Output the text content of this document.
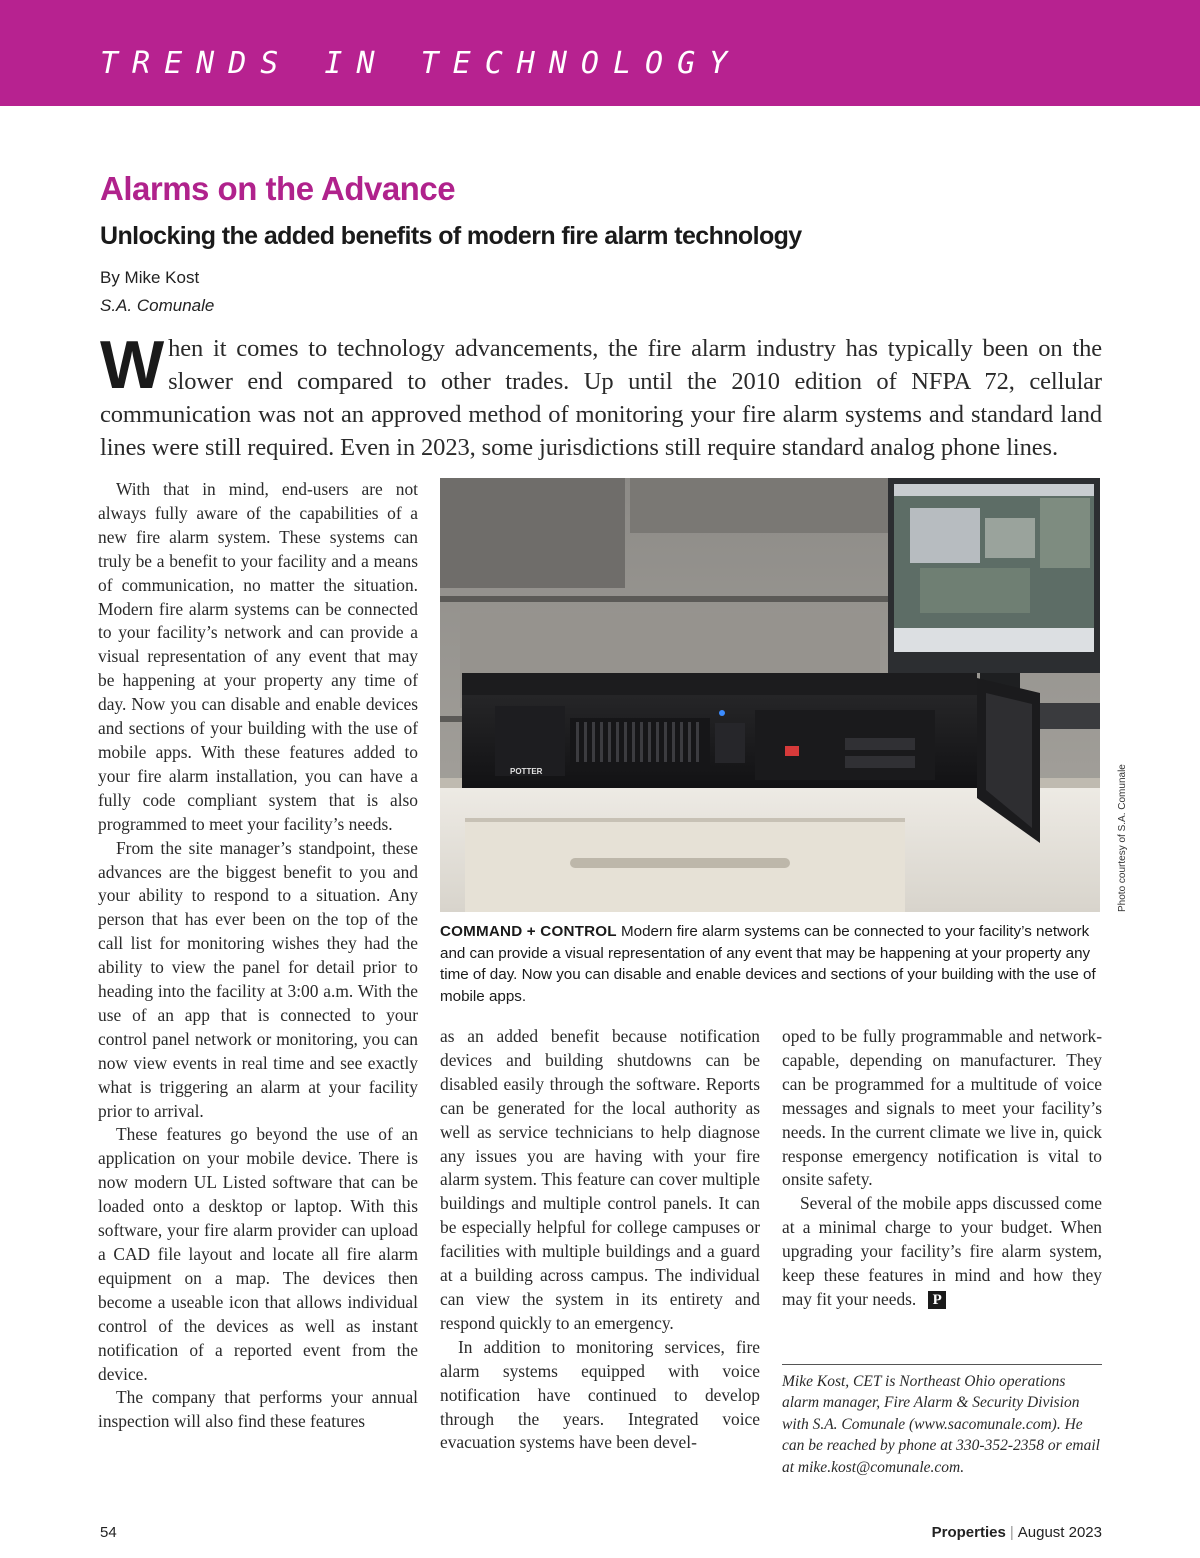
TRENDS IN TECHNOLOGY
Alarms on the Advance
Unlocking the added benefits of modern fire alarm technology
By Mike Kost
S.A. Comunale
When it comes to technology advancements, the fire alarm industry has typically been on the slower end compared to other trades. Up until the 2010 edition of NFPA 72, cellular communication was not an approved method of monitoring your fire alarm systems and standard land lines were still required. Even in 2023, some jurisdictions still require standard analog phone lines.

With that in mind, end-users are not always fully aware of the capabilities of a new fire alarm system. These systems can truly be a benefit to your facility and a means of communication, no matter the situation. Modern fire alarm systems can be connected to your facility’s network and can provide a visual representation of any event that may be happening at your property any time of day. Now you can disable and enable devices and sections of your building with the use of mobile apps. With these features added to your fire alarm installation, you can have a fully code compliant system that is also programmed to meet your facility’s needs.

From the site manager’s standpoint, these advances are the biggest benefit to you and your ability to respond to a situation. Any person that has ever been on the top of the call list for monitoring wishes they had the ability to view the panel for detail prior to heading into the facility at 3:00 a.m. With the use of an app that is connected to your control panel network or monitoring, you can now view events in real time and see exactly what is triggering an alarm at your facility prior to arrival.

These features go beyond the use of an application on your mobile device. There is now modern UL Listed software that can be loaded onto a desktop or laptop. With this software, your fire alarm provider can upload a CAD file layout and locate all fire alarm equipment on a map. The devices then become a useable icon that allows individual control of the devices as well as instant notification of a reported event from the device.

The company that performs your annual inspection will also find these features

POTTER	Photo courtesy of S.A. Comunale
COMMAND + CONTROL Modern fire alarm systems can be connected to your facility’s network and can provide a visual representation of any event that may be happening at your property any time of day. Now you can disable and enable devices and sections of your building with the use of mobile apps.

as an added benefit because notification devices and building shutdowns can be disabled easily through the software. Reports can be generated for the local authority as well as service technicians to help diagnose any issues you are having with your fire alarm system. This feature can cover multiple buildings and multiple control panels. It can be especially helpful for college campuses or facilities with multiple buildings and a guard at a building across campus. The individual can view the system in its entirety and respond quickly to an emergency.

In addition to monitoring services, fire alarm systems equipped with voice notification have continued to develop through the years. Integrated voice evacuation systems have been devel-

oped to be fully programmable and network-capable, depending on manufacturer. They can be programmed for a multitude of voice messages and signals to meet your facility’s needs. In the current climate we live in, quick response emergency notification is vital to onsite safety.

Several of the mobile apps discussed come at a minimal charge to your budget. When upgrading your facility’s fire alarm system, keep these features in mind and how they may fit your needs. P

Mike Kost, CET is Northeast Ohio operations alarm manager, Fire Alarm & Security Division with S.A. Comunale (www.sacomunale.com). He can be reached by phone at 330-352-2358 or email at mike.kost@comunale.com.
54	Properties | August 2023
